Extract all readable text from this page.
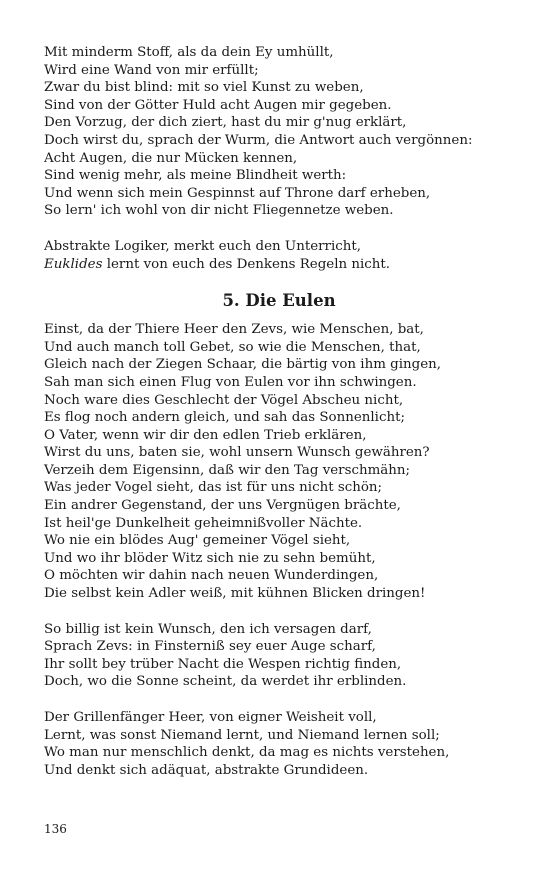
Mit minderm Stoff, als da dein Ey umhüllt,
Wird eine Wand von mir erfüllt;
Zwar du bist blind: mit so viel Kunst zu weben,
Sind von der Götter Huld acht Augen mir gegeben.
Den Vorzug, der dich ziert, hast du mir g'nug erklärt,
Doch wirst du, sprach der Wurm, die Antwort auch vergönnen:
Acht Augen, die nur Mücken kennen,
Sind wenig mehr, als meine Blindheit werth:
Und wenn sich mein Gespinnst auf Throne darf erheben,
So lern' ich wohl von dir nicht Fliegennetze weben.
Abstrakte Logiker, merkt euch den Unterricht,
Euklides lernt von euch des Denkens Regeln nicht.
5. Die Eulen
Einst, da der Thiere Heer den Zevs, wie Menschen, bat,
Und auch manch toll Gebet, so wie die Menschen, that,
Gleich nach der Ziegen Schaar, die bärtig von ihm gingen,
Sah man sich einen Flug von Eulen vor ihn schwingen.
Noch ware dies Geschlecht der Vögel Abscheu nicht,
Es flog noch andern gleich, und sah das Sonnenlicht;
O Vater, wenn wir dir den edlen Trieb erklären,
Wirst du uns, baten sie, wohl unsern Wunsch gewähren?
Verzeih dem Eigensinn, daß wir den Tag verschmähn;
Was jeder Vogel sieht, das ist für uns nicht schön;
Ein andrer Gegenstand, der uns Vergnügen brächte,
Ist heil'ge Dunkelheit geheimnißvoller Nächte.
Wo nie ein blödes Aug' gemeiner Vögel sieht,
Und wo ihr blöder Witz sich nie zu sehn bemüht,
O möchten wir dahin nach neuen Wunderdingen,
Die selbst kein Adler weiß, mit kühnen Blicken dringen!
So billig ist kein Wunsch, den ich versagen darf,
Sprach Zevs: in Finsterniß sey euer Auge scharf,
Ihr sollt bey trüber Nacht die Wespen richtig finden,
Doch, wo die Sonne scheint, da werdet ihr erblinden.
Der Grillenfänger Heer, von eigner Weisheit voll,
Lernt, was sonst Niemand lernt, und Niemand lernen soll;
Wo man nur menschlich denkt, da mag es nichts verstehen,
Und denkt sich adäquat, abstrakte Grundideen.
136
